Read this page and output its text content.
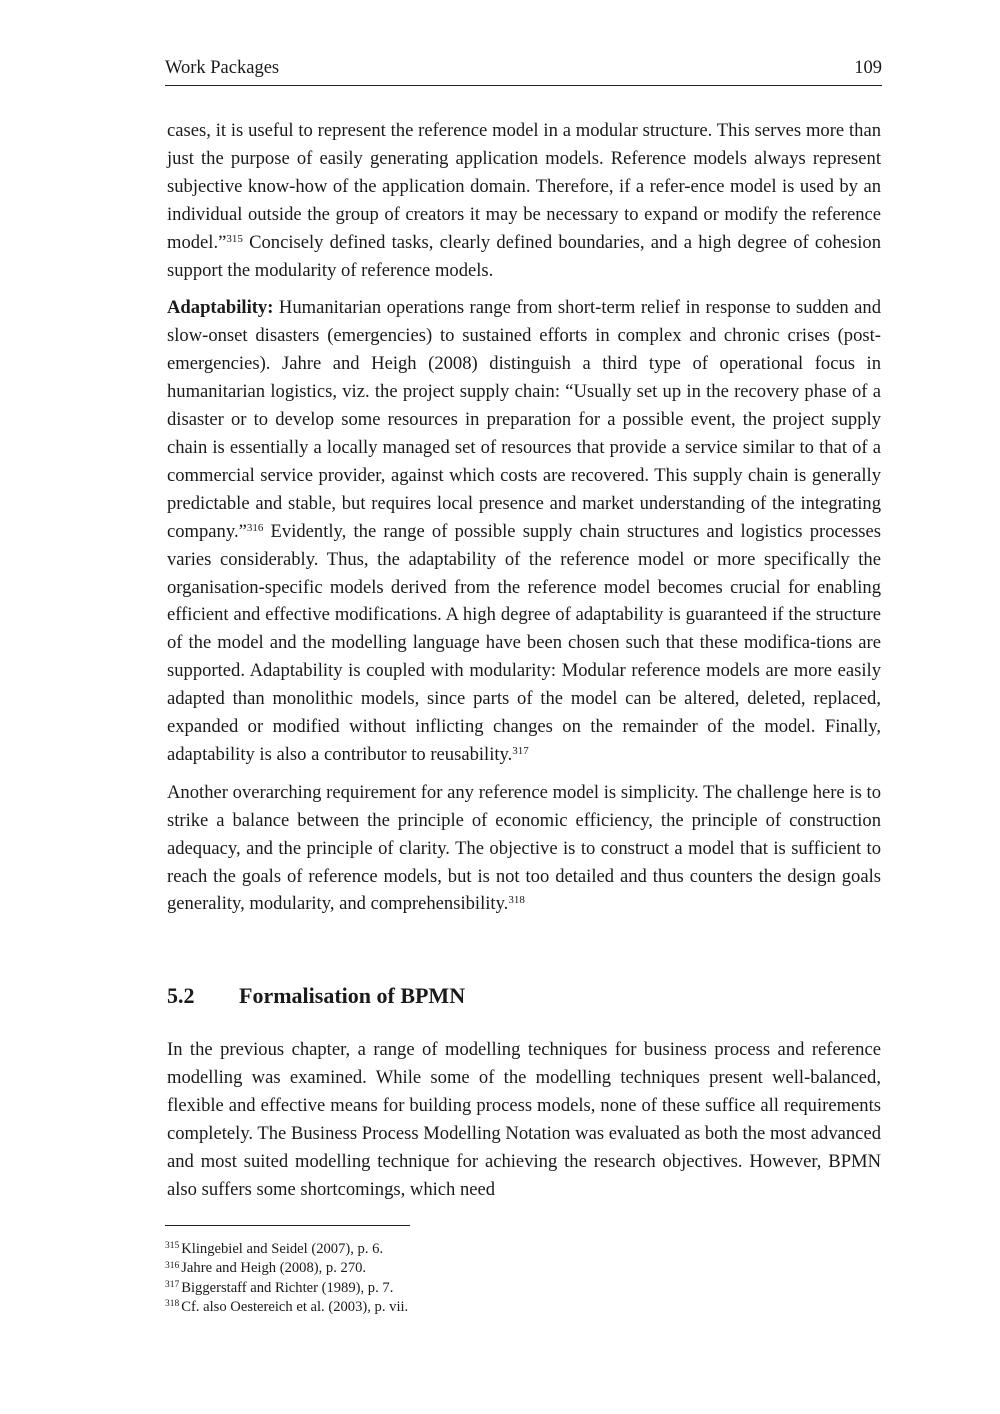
Work Packages	109

cases, it is useful to represent the reference model in a modular structure. This serves more than just the purpose of easily generating application models. Reference models always represent subjective know-how of the application domain. Therefore, if a refer-ence model is used by an individual outside the group of creators it may be necessary to expand or modify the reference model.”$^{315}$ Concisely defined tasks, clearly defined boundaries, and a high degree of cohesion support the modularity of reference models.

Adaptability: Humanitarian operations range from short-term relief in response to sudden and slow-onset disasters (emergencies) to sustained efforts in complex and chronic crises (post-emergencies). Jahre and Heigh (2008) distinguish a third type of operational focus in humanitarian logistics, viz. the project supply chain: “Usually set up in the recovery phase of a disaster or to develop some resources in preparation for a possible event, the project supply chain is essentially a locally managed set of resources that provide a service similar to that of a commercial service provider, against which costs are recovered. This supply chain is generally predictable and stable, but requires local presence and market understanding of the integrating company.”$^{316}$ Evidently, the range of possible supply chain structures and logistics processes varies considerably. Thus, the adaptability of the reference model or more specifically the organisation-specific models derived from the reference model becomes crucial for enabling efficient and effective modifications. A high degree of adaptability is guaranteed if the structure of the model and the modelling language have been chosen such that these modifica-tions are supported. Adaptability is coupled with modularity: Modular reference models are more easily adapted than monolithic models, since parts of the model can be altered, deleted, replaced, expanded or modified without inflicting changes on the remainder of the model. Finally, adaptability is also a contributor to reusability.$^{317}$

Another overarching requirement for any reference model is simplicity. The challenge here is to strike a balance between the principle of economic efficiency, the principle of construction adequacy, and the principle of clarity. The objective is to construct a model that is sufficient to reach the goals of reference models, but is not too detailed and thus counters the design goals generality, modularity, and comprehensibility.$^{318}$

5.2	Formalisation of BPMN

In the previous chapter, a range of modelling techniques for business process and reference modelling was examined. While some of the modelling techniques present well-balanced, flexible and effective means for building process models, none of these suffice all requirements completely. The Business Process Modelling Notation was evaluated as both the most advanced and most suited modelling technique for achieving the research objectives. However, BPMN also suffers some shortcomings, which need

$^{315}$ Klingebiel and Seidel (2007), p. 6.
$^{316}$ Jahre and Heigh (2008), p. 270.
$^{317}$ Biggerstaff and Richter (1989), p. 7.
$^{318}$ Cf. also Oestereich et al. (2003), p. vii.
